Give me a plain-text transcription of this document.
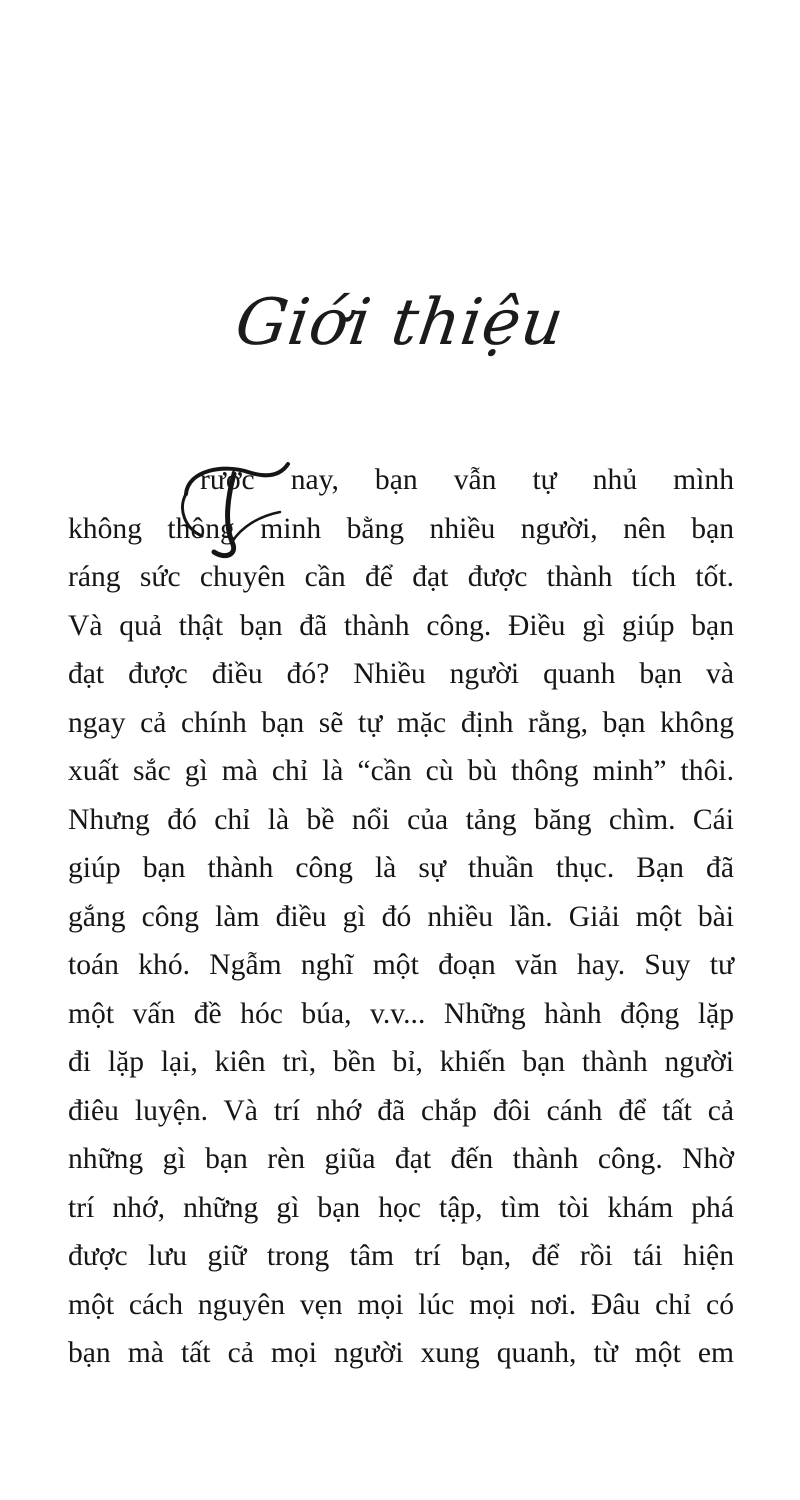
Giới thiệu
rước nay, bạn vẫn tự nhủ mình
không thông minh bằng nhiều người, nên bạn
ráng sức chuyên cần để đạt được thành tích tốt.
Và quả thật bạn đã thành công. Điều gì giúp bạn
đạt được điều đó? Nhiều người quanh bạn và
ngay cả chính bạn sẽ tự mặc định rằng, bạn không
xuất sắc gì mà chỉ là “cần cù bù thông minh” thôi.
Nhưng đó chỉ là bề nổi của tảng băng chìm. Cái
giúp bạn thành công là sự thuần thục. Bạn đã
gắng công làm điều gì đó nhiều lần. Giải một bài
toán khó. Ngẫm nghĩ một đoạn văn hay. Suy tư
một vấn đề hóc búa, v.v... Những hành động lặp
đi lặp lại, kiên trì, bền bỉ, khiến bạn thành người
điêu luyện. Và trí nhớ đã chắp đôi cánh để tất cả
những gì bạn rèn giũa đạt đến thành công. Nhờ
trí nhớ, những gì bạn học tập, tìm tòi khám phá
được lưu giữ trong tâm trí bạn, để rồi tái hiện
một cách nguyên vẹn mọi lúc mọi nơi. Đâu chỉ có
bạn mà tất cả mọi người xung quanh, từ một em
